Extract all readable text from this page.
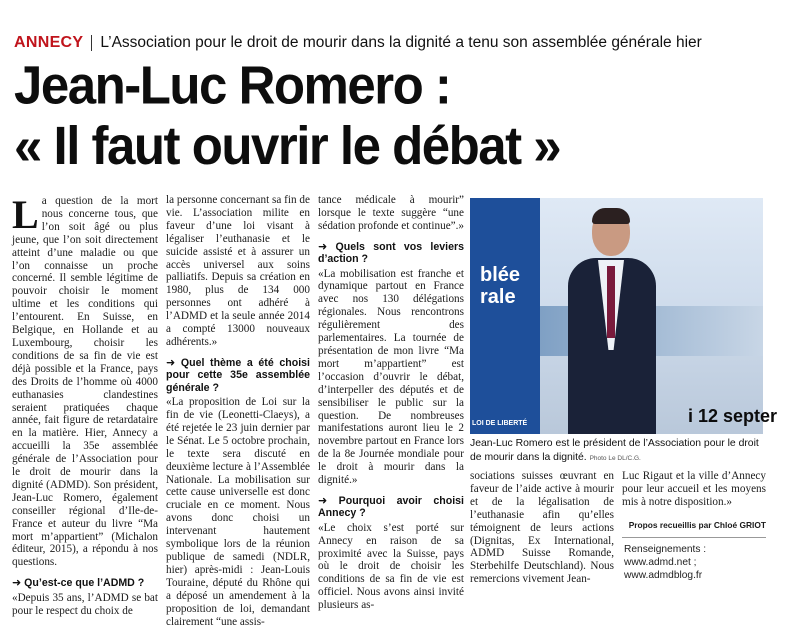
ANNECY L’Association pour le droit de mourir dans la dignité a tenu son assemblée générale hier
Jean-Luc Romero :
« Il faut ouvrir le débat »

La question de la mort nous concerne tous, que l’on soit âgé ou plus jeune, que l’on soit directement atteint d’une maladie ou que l’on connaisse un proche concerné. Il semble légitime de pouvoir choisir le moment ultime et les conditions qui l’entourent. En Suisse, en Belgique, en Hollande et au Luxembourg, choisir les conditions de sa fin de vie est déjà possible et la France, pays des Droits de l’homme où 4000 euthanasies clandestines seraient pratiquées chaque année, fait figure de retardataire en la matière. Hier, Annecy a accueilli la 35e assemblée générale de l’Association pour le droit de mourir dans la dignité (ADMD). Son président, Jean-Luc Romero, également conseiller régional d’Ile-de-France et auteur du livre “Ma mort m’appartient” (Michalon éditeur, 2015), a répondu à nos questions.

➜ Qu’est-ce que l’ADMD ?

«Depuis 35 ans, l’ADMD se bat pour le respect du choix de

la personne concernant sa fin de vie. L’association milite en faveur d’une loi visant à légaliser l’euthanasie et le suicide assisté et à assurer un accès universel aux soins palliatifs. Depuis sa création en 1980, plus de 134 000 personnes ont adhéré à l’ADMD et la seule année 2014 a compté 13000 nouveaux adhérents.»

➜ Quel thème a été choisi pour cette 35e assemblée générale ?

«La proposition de Loi sur la fin de vie (Leonetti-Claeys), a été rejetée le 23 juin dernier par le Sénat. Le 5 octobre prochain, le texte sera discuté en deuxième lecture à l’Assemblée Nationale. La mobilisation sur cette cause universelle est donc cruciale en ce moment. Nous avons donc choisi un intervenant hautement symbolique lors de la réunion publique de samedi (NDLR, hier) après-midi : Jean-Louis Touraine, député du Rhône qui a déposé un amendement à la proposition de loi, demandant clairement “une assis-

tance médicale à mourir” lorsque le texte suggère “une sédation profonde et continue”.»

➜ Quels sont vos leviers d’action ?

«La mobilisation est franche et dynamique partout en France avec nos 130 délégations régionales. Nous rencontrons régulièrement des parlementaires. La tournée de présentation de mon livre “Ma mort m’appartient” est l’occasion d’ouvrir le débat, d’interpeller des députés et de sensibiliser le public sur la question. De nombreuses manifestations auront lieu le 2 novembre partout en France lors de la 8e Journée mondiale pour le droit à mourir dans la dignité.»

➜ Pourquoi avoir choisi Annecy ?

«Le choix s’est porté sur Annecy en raison de sa proximité avec la Suisse, pays où le droit de choisir les conditions de sa fin de vie est officiel. Nous avons ainsi invité plusieurs as-

blée
rale
i 12 septer
LOI DE LIBERTÉ
Jean-Luc Romero est le président de l’Association pour le droit de mourir dans la dignité. Photo Le DL/C.G.

sociations suisses œuvrant en faveur de l’aide active à mourir et de la légalisation de l’euthanasie afin qu’elles témoignent de leurs actions (Dignitas, Ex International, ADMD Suisse Romande, Sterbehilfe Deutschland). Nous remercions vivement Jean-

Luc Rigaut et la ville d’Annecy pour leur accueil et les moyens mis à notre disposition.»

Propos recueillis par Chloé GRIOT
Renseignements :
www.admd.net ;
www.admdblog.fr
